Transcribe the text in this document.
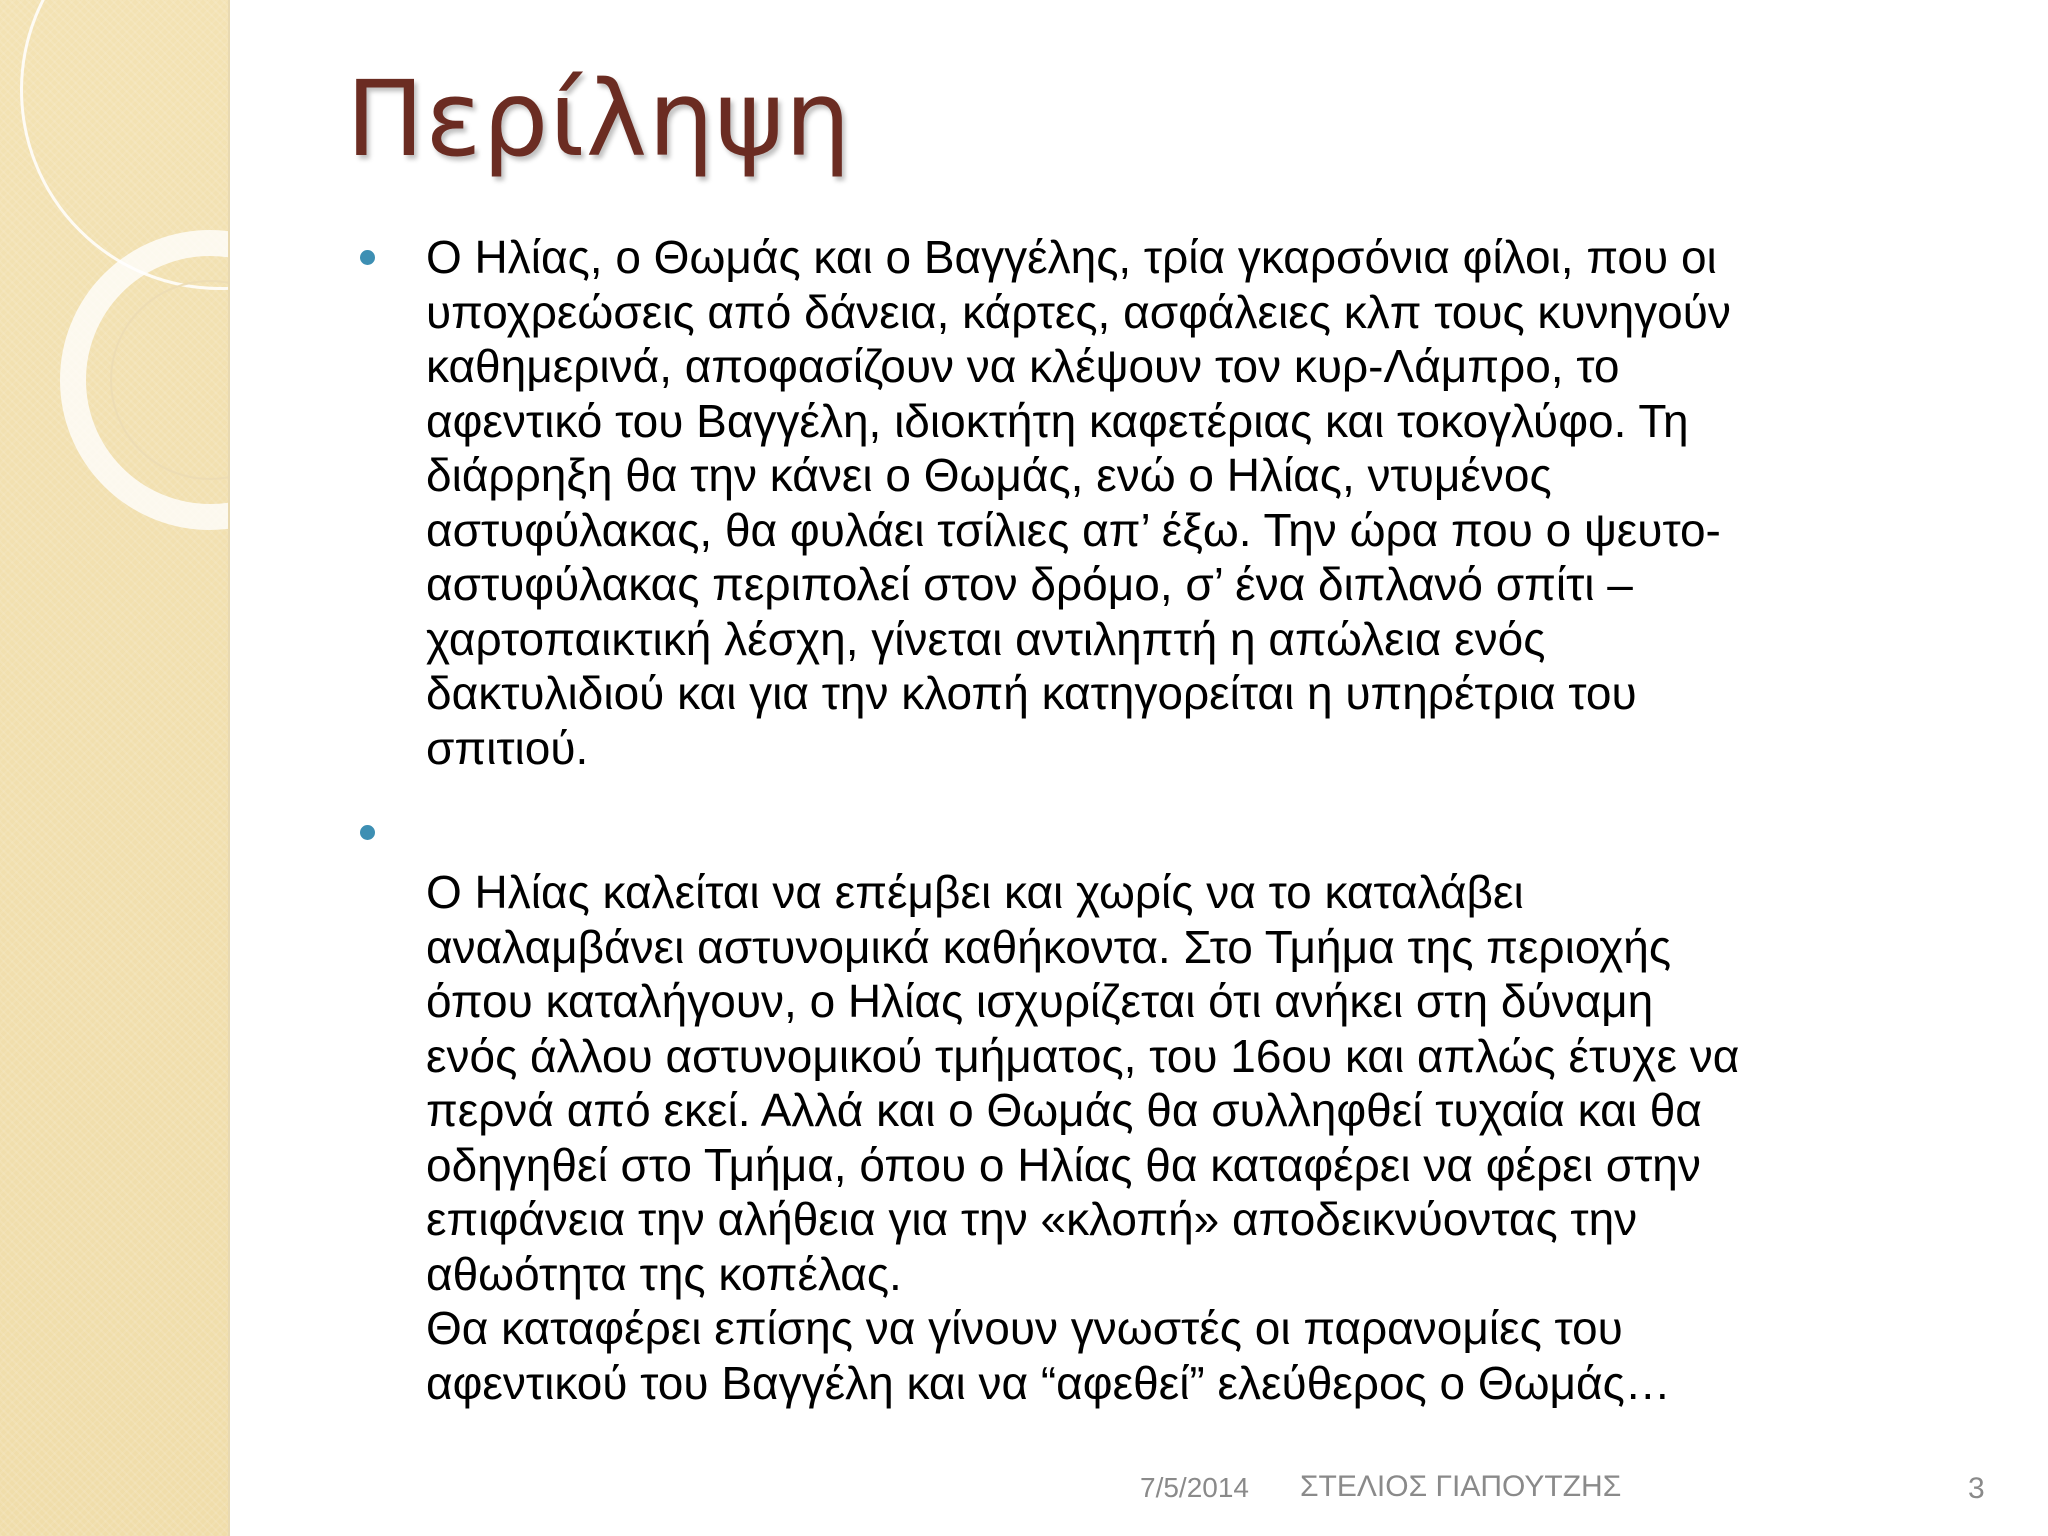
Περίληψη
Ο Ηλίας, ο Θωμάς και ο Βαγγέλης, τρία γκαρσόνια φίλοι, που οι
υποχρεώσεις από δάνεια, κάρτες, ασφάλειες κλπ τους κυνηγούν
καθημερινά, αποφασίζουν να κλέψουν τον κυρ-Λάμπρο, το
αφεντικό του Βαγγέλη, ιδιοκτήτη καφετέριας και τοκογλύφο. Τη
διάρρηξη θα την κάνει ο Θωμάς, ενώ ο Ηλίας, ντυμένος
αστυφύλακας, θα φυλάει τσίλιες απ’ έξω. Την ώρα που ο ψευτο-
αστυφύλακας περιπολεί στον δρόμο, σ’ ένα διπλανό σπίτι –
χαρτοπαικτική λέσχη, γίνεται αντιληπτή η απώλεια ενός
δακτυλιδιού και για την κλοπή κατηγορείται η υπηρέτρια του
σπιτιού.
Ο Ηλίας καλείται να επέμβει και χωρίς να το καταλάβει
αναλαμβάνει αστυνομικά καθήκοντα. Στο Τμήμα της περιοχής
όπου καταλήγουν, ο Ηλίας ισχυρίζεται ότι ανήκει στη δύναμη
ενός άλλου αστυνομικού τμήματος, του 16ου και απλώς έτυχε να
περνά από εκεί. Αλλά και ο Θωμάς θα συλληφθεί τυχαία και θα
οδηγηθεί στο Τμήμα, όπου ο Ηλίας θα καταφέρει να φέρει στην
επιφάνεια την αλήθεια για την «κλοπή» αποδεικνύοντας την
αθωότητα της κοπέλας.
Θα καταφέρει επίσης να γίνουν γνωστές οι παρανομίες του
αφεντικού του Βαγγέλη και να “αφεθεί” ελεύθερος ο Θωμάς…
7/5/2014 ΣΤΕΛΙΟΣ ΓΙΑΠΟΥΤΖΗΣ	3
